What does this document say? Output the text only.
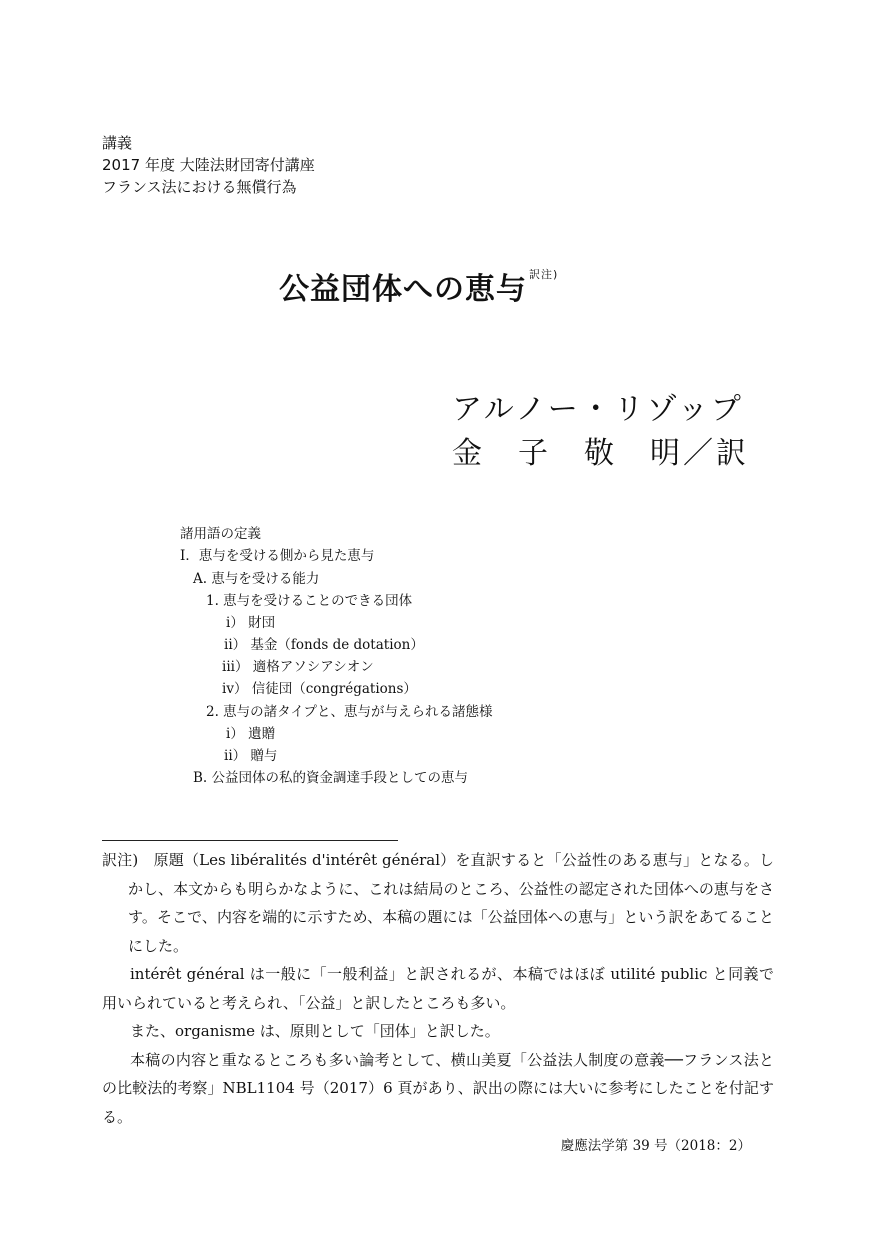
講義
2017 年度 大陸法財団寄付講座
フランス法における無償行為
公益団体への恵与 $^{訳注)}$
アルノー・リゾップ
金　子　敬　明／訳
諸用語の定義
Ⅰ．恵与を受ける側から見た恵与
A. 恵与を受ける能力
1. 恵与を受けることのできる団体
i） 財団
ii） 基金（fonds de dotation）
iii） 適格アソシアシオン
iv） 信徒団（congrégations）
2. 恵与の諸タイプと、恵与が与えられる諸態様
i） 遺贈
ii） 贈与
B. 公益団体の私的資金調達手段としての恵与

訳注)　原題（Les libéralités d'intérêt général）を直訳すると「公益性のある恵与」となる。しかし、本文からも明らかなように、これは結局のところ、公益性の認定された団体への恵与をさす。そこで、内容を端的に示すため、本稿の題には「公益団体への恵与」という訳をあてることにした。

intérêt général は一般に「一般利益」と訳されるが、本稿ではほぼ utilité public と同義で用いられていると考えられ、「公益」と訳したところも多い。

また、organisme は、原則として「団体」と訳した。

本稿の内容と重なるところも多い論考として、横山美夏「公益法人制度の意義──フランス法との比較法的考察」NBL1104 号（2017）6 頁があり、訳出の際には大いに参考にしたことを付記する。

慶應法学第 39 号（2018：2）
